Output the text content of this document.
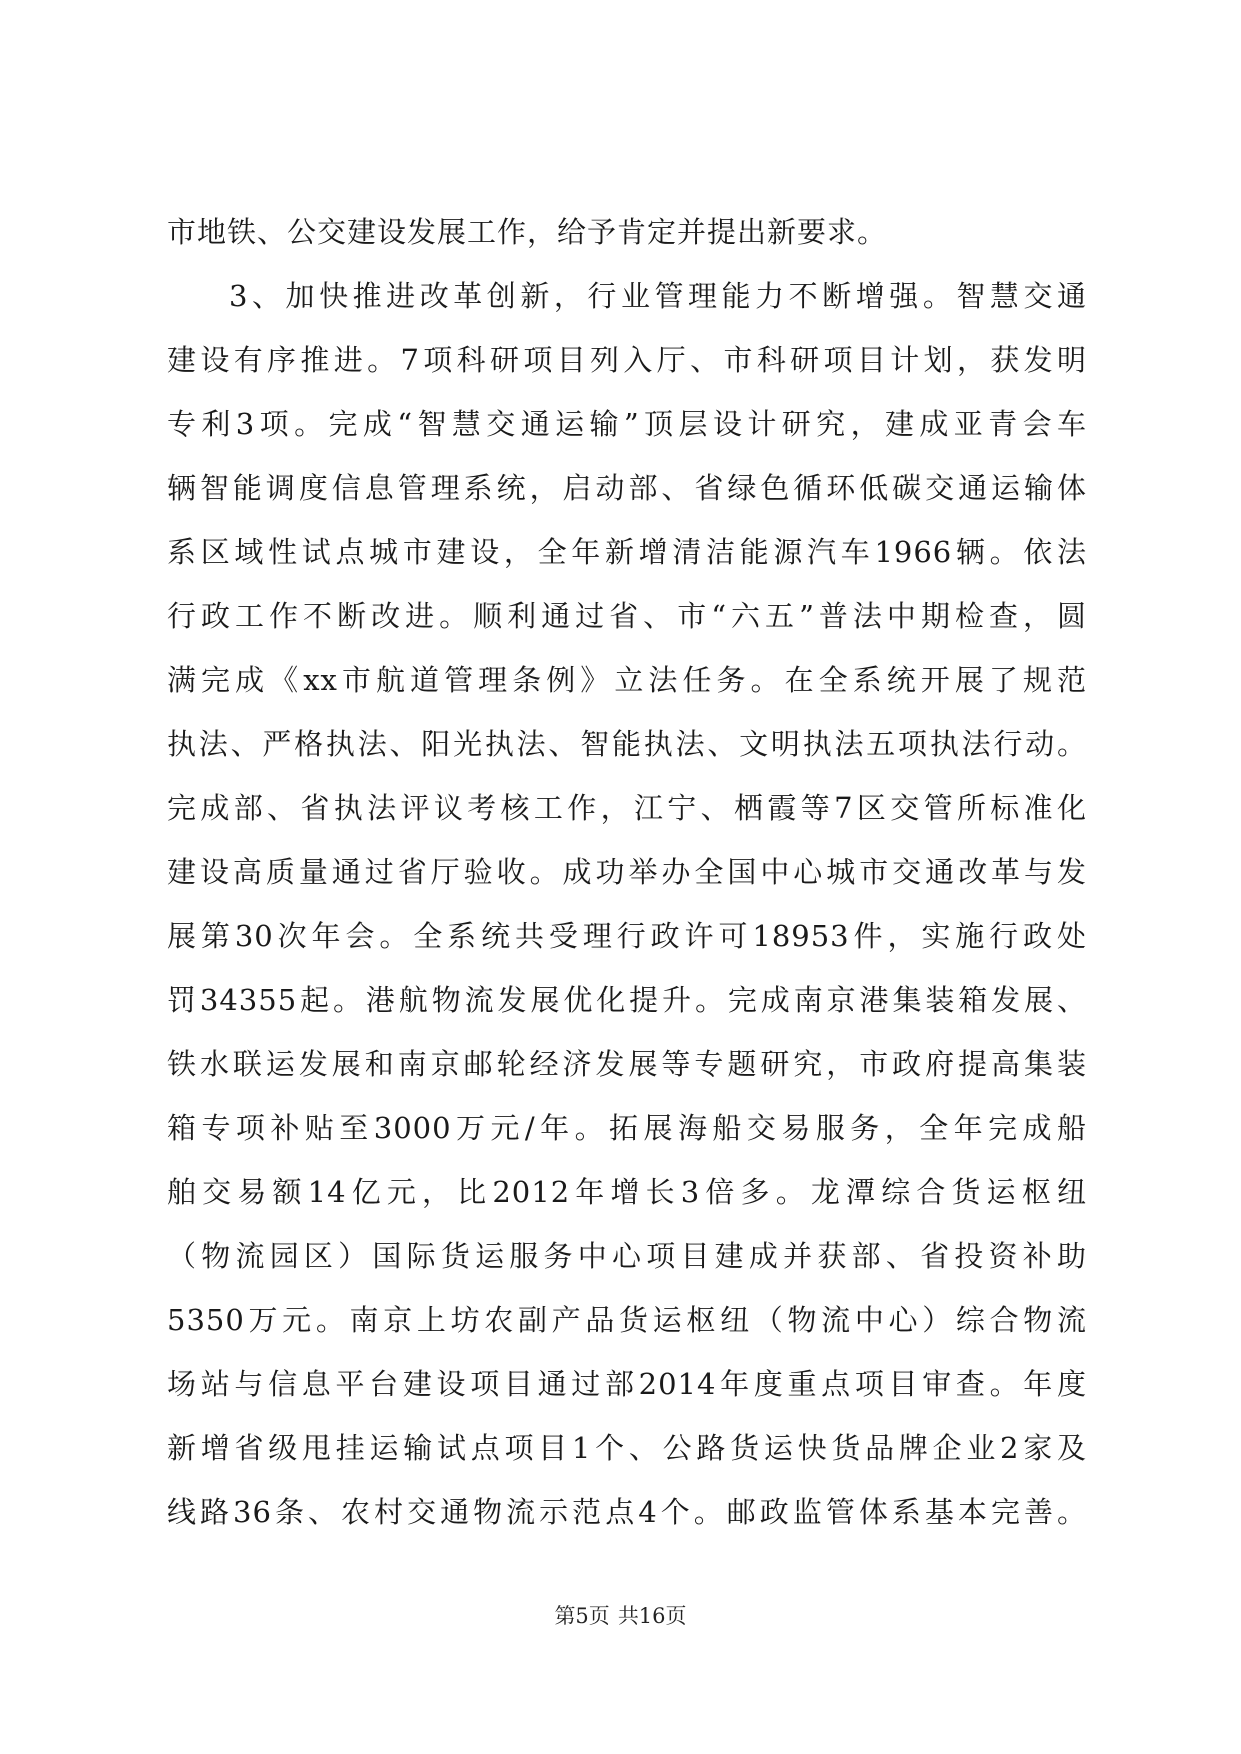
市地铁、公交建设发展工作，给予肯定并提出新要求。
3、加快推进改革创新，行业管理能力不断增强。智慧交通
建设有序推进。7项科研项目列入厅、市科研项目计划，获发明
专利3项。完成“智慧交通运输”顶层设计研究，建成亚青会车
辆智能调度信息管理系统，启动部、省绿色循环低碳交通运输体
系区域性试点城市建设，全年新增清洁能源汽车1966辆。依法
行政工作不断改进。顺利通过省、市“六五”普法中期检查，圆
满完成《xx市航道管理条例》立法任务。在全系统开展了规范
执法、严格执法、阳光执法、智能执法、文明执法五项执法行动。
完成部、省执法评议考核工作，江宁、栖霞等7区交管所标准化
建设高质量通过省厅验收。成功举办全国中心城市交通改革与发
展第30次年会。全系统共受理行政许可18953件，实施行政处
罚34355起。港航物流发展优化提升。完成南京港集装箱发展、
铁水联运发展和南京邮轮经济发展等专题研究，市政府提高集装
箱专项补贴至3000万元/年。拓展海船交易服务，全年完成船
舶交易额14亿元，比2012年增长3倍多。龙潭综合货运枢纽
（物流园区）国际货运服务中心项目建成并获部、省投资补助
5350万元。南京上坊农副产品货运枢纽（物流中心）综合物流
场站与信息平台建设项目通过部2014年度重点项目审查。年度
新增省级甩挂运输试点项目1个、公路货运快货品牌企业2家及
线路36条、农村交通物流示范点4个。邮政监管体系基本完善。
第5页 共16页
